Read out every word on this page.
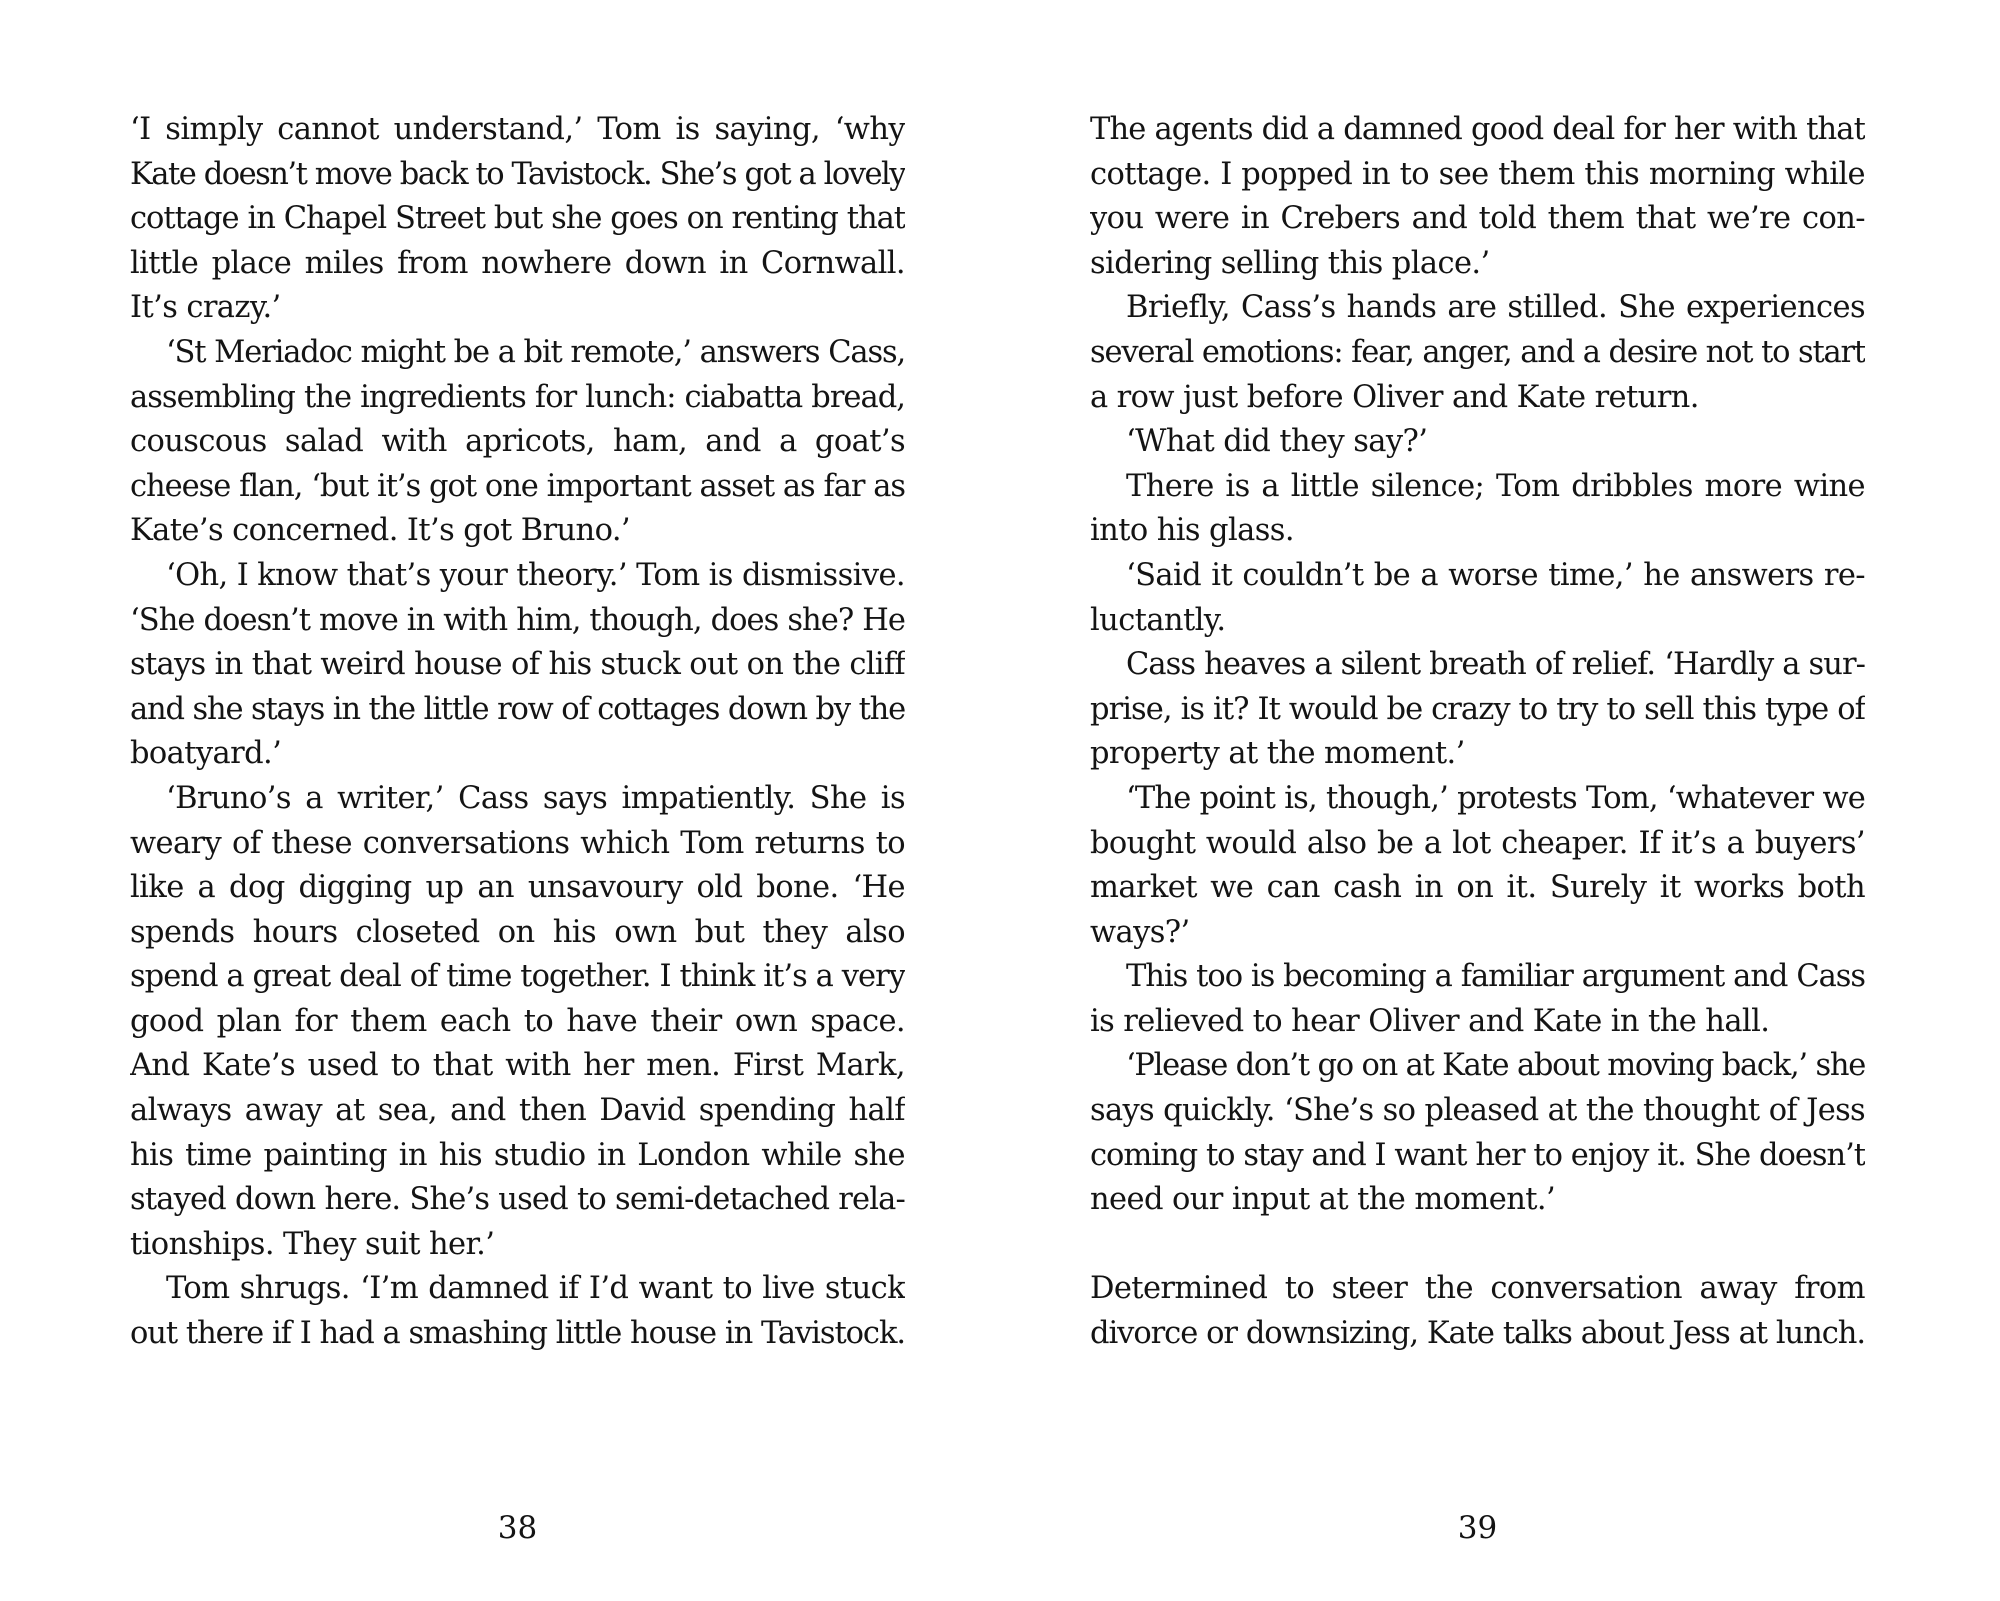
‘I simply cannot understand,’ Tom is saying, ‘why
Kate doesn’t move back to Tavistock. She’s got a lovely
cottage in Chapel Street but she goes on renting that
little place miles from nowhere down in Cornwall.
It’s crazy.’
‘St Meriadoc might be a bit remote,’ answers Cass,
assembling the ingredients for lunch: ciabatta bread,
couscous salad with apricots, ham, and a goat’s
cheese flan, ‘but it’s got one important asset as far as
Kate’s concerned. It’s got Bruno.’
‘Oh, I know that’s your theory.’ Tom is dismissive.
‘She doesn’t move in with him, though, does she? He
stays in that weird house of his stuck out on the cliff
and she stays in the little row of cottages down by the
boatyard.’
‘Bruno’s a writer,’ Cass says impatiently. She is
weary of these conversations which Tom returns to
like a dog digging up an unsavoury old bone. ‘He
spends hours closeted on his own but they also
spend a great deal of time together. I think it’s a very
good plan for them each to have their own space.
And Kate’s used to that with her men. First Mark,
always away at sea, and then David spending half
his time painting in his studio in London while she
stayed down here. She’s used to semi-detached rela-
tionships. They suit her.’
Tom shrugs. ‘I’m damned if I’d want to live stuck
out there if I had a smashing little house in Tavistock.
38
The agents did a damned good deal for her with that
cottage. I popped in to see them this morning while
you were in Crebers and told them that we’re con-
sidering selling this place.’
Briefly, Cass’s hands are stilled. She experiences
several emotions: fear, anger, and a desire not to start
a row just before Oliver and Kate return.
‘What did they say?’
There is a little silence; Tom dribbles more wine
into his glass.
‘Said it couldn’t be a worse time,’ he answers re-
luctantly.
Cass heaves a silent breath of relief. ‘Hardly a sur-
prise, is it? It would be crazy to try to sell this type of
property at the moment.’
‘The point is, though,’ protests Tom, ‘whatever we
bought would also be a lot cheaper. If it’s a buyers’
market we can cash in on it. Surely it works both
ways?’
This too is becoming a familiar argument and Cass
is relieved to hear Oliver and Kate in the hall.
‘Please don’t go on at Kate about moving back,’ she
says quickly. ‘She’s so pleased at the thought of Jess
coming to stay and I want her to enjoy it. She doesn’t
need our input at the moment.’
Determined to steer the conversation away from
divorce or downsizing, Kate talks about Jess at lunch.
39
